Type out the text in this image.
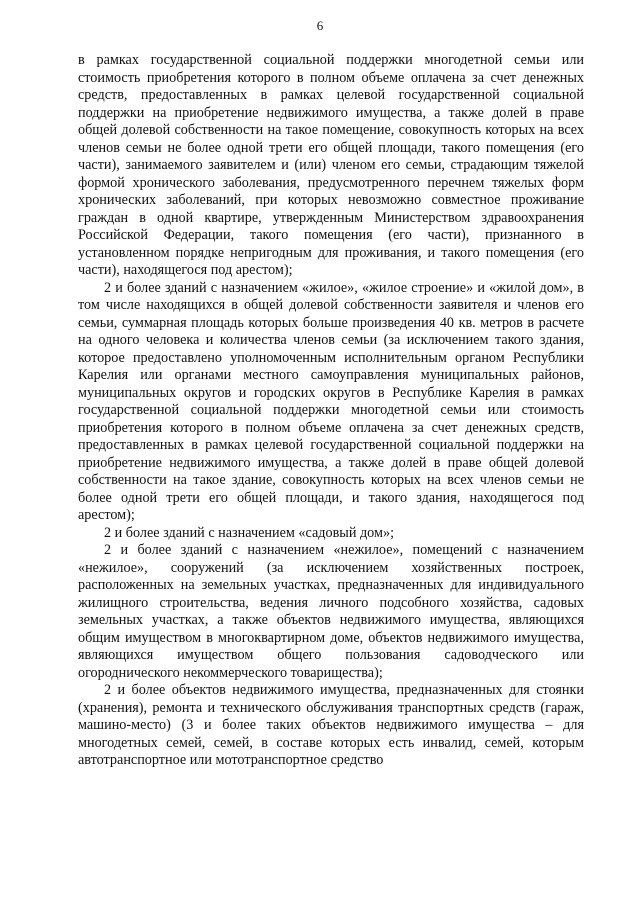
6

в рамках государственной социальной поддержки многодетной семьи или стоимость приобретения которого в полном объеме оплачена за счет денежных средств, предоставленных в рамках целевой государственной социальной поддержки на приобретение недвижимого имущества, а также долей в праве общей долевой собственности на такое помещение, совокупность которых на всех членов семьи не более одной трети его общей площади, такого помещения (его части), занимаемого заявителем и (или) членом его семьи, страдающим тяжелой формой хронического заболевания, предусмотренного перечнем тяжелых форм хронических заболеваний, при которых невозможно совместное проживание граждан в одной квартире, утвержденным Министерством здравоохранения Российской Федерации, такого помещения (его части), признанного в установленном порядке непригодным для проживания, и такого помещения (его части), находящегося под арестом);

2 и более зданий с назначением «жилое», «жилое строение» и «жилой дом», в том числе находящихся в общей долевой собственности заявителя и членов его семьи, суммарная площадь которых больше произведения 40 кв. метров в расчете на одного человека и количества членов семьи (за исключением такого здания, которое предоставлено уполномоченным исполнительным органом Республики Карелия или органами местного самоуправления муниципальных районов, муниципальных округов и городских округов в Республике Карелия в рамках государственной социальной поддержки многодетной семьи или стоимость приобретения которого в полном объеме оплачена за счет денежных средств, предоставленных в рамках целевой государственной социальной поддержки на приобретение недвижимого имущества, а также долей в праве общей долевой собственности на такое здание, совокупность которых на всех членов семьи не более одной трети его общей площади, и такого здания, находящегося под арестом);

2 и более зданий с назначением «садовый дом»;

2 и более зданий с назначением «нежилое», помещений с назначением «нежилое», сооружений (за исключением хозяйственных построек, расположенных на земельных участках, предназначенных для индивидуального жилищного строительства, ведения личного подсобного хозяйства, садовых земельных участках, а также объектов недвижимого имущества, являющихся общим имуществом в многоквартирном доме, объектов недвижимого имущества, являющихся имуществом общего пользования садоводческого или огороднического некоммерческого товарищества);

2 и более объектов недвижимого имущества, предназначенных для стоянки (хранения), ремонта и технического обслуживания транспортных средств (гараж, машино-место) (3 и более таких объектов недвижимого имущества – для многодетных семей, семей, в составе которых есть инвалид, семей, которым автотранспортное или мототранспортное средство
